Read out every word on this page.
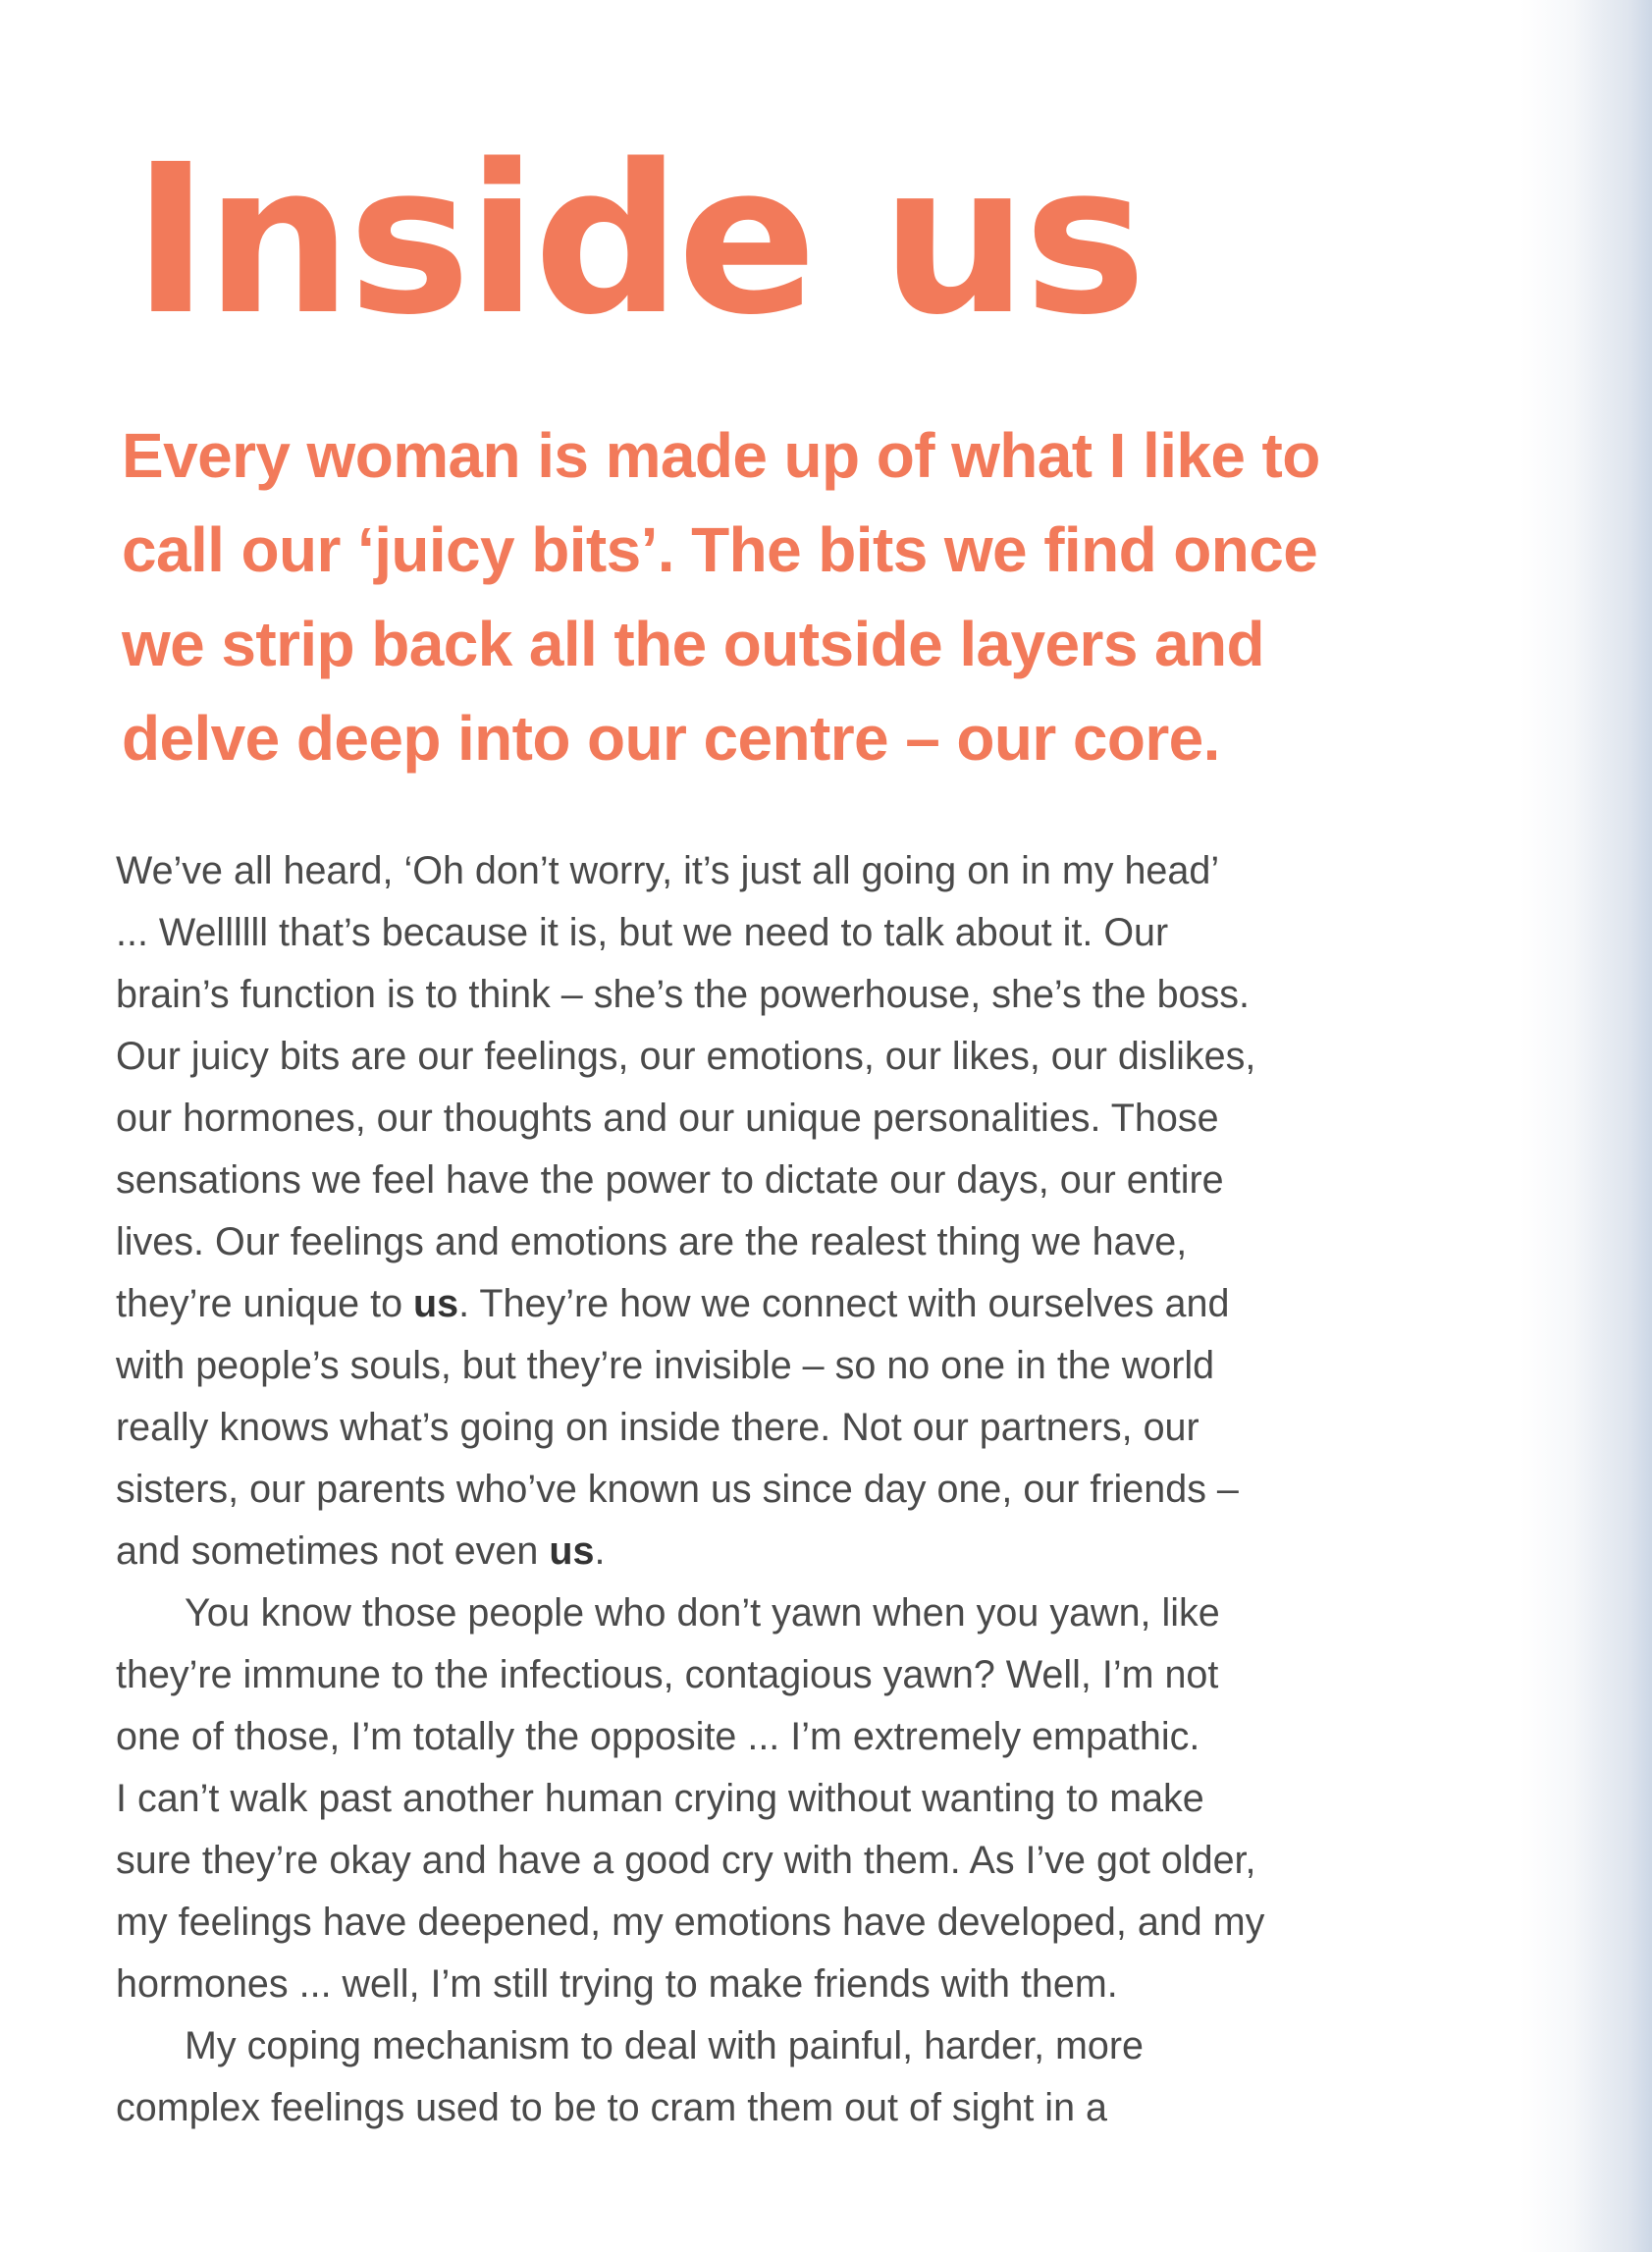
Inside us

Every woman is made up of what I like to
call our ‘juicy bits’. The bits we find once
we strip back all the outside layers and
delve deep into our centre – our core.

We’ve all heard, ‘Oh don’t worry, it’s just all going on in my head’
... Wellllll that’s because it is, but we need to talk about it. Our
brain’s function is to think – she’s the powerhouse, she’s the boss.
Our juicy bits are our feelings, our emotions, our likes, our dislikes,
our hormones, our thoughts and our unique personalities. Those
sensations we feel have the power to dictate our days, our entire
lives. Our feelings and emotions are the realest thing we have,
they’re unique to us. They’re how we connect with ourselves and
with people’s souls, but they’re invisible – so no one in the world
really knows what’s going on inside there. Not our partners, our
sisters, our parents who’ve known us since day one, our friends –
and sometimes not even us.
You know those people who don’t yawn when you yawn, like
they’re immune to the infectious, contagious yawn? Well, I’m not
one of those, I’m totally the opposite ... I’m extremely empathic.
I can’t walk past another human crying without wanting to make
sure they’re okay and have a good cry with them. As I’ve got older,
my feelings have deepened, my emotions have developed, and my
hormones ... well, I’m still trying to make friends with them.
My coping mechanism to deal with painful, harder, more
complex feelings used to be to cram them out of sight in a
